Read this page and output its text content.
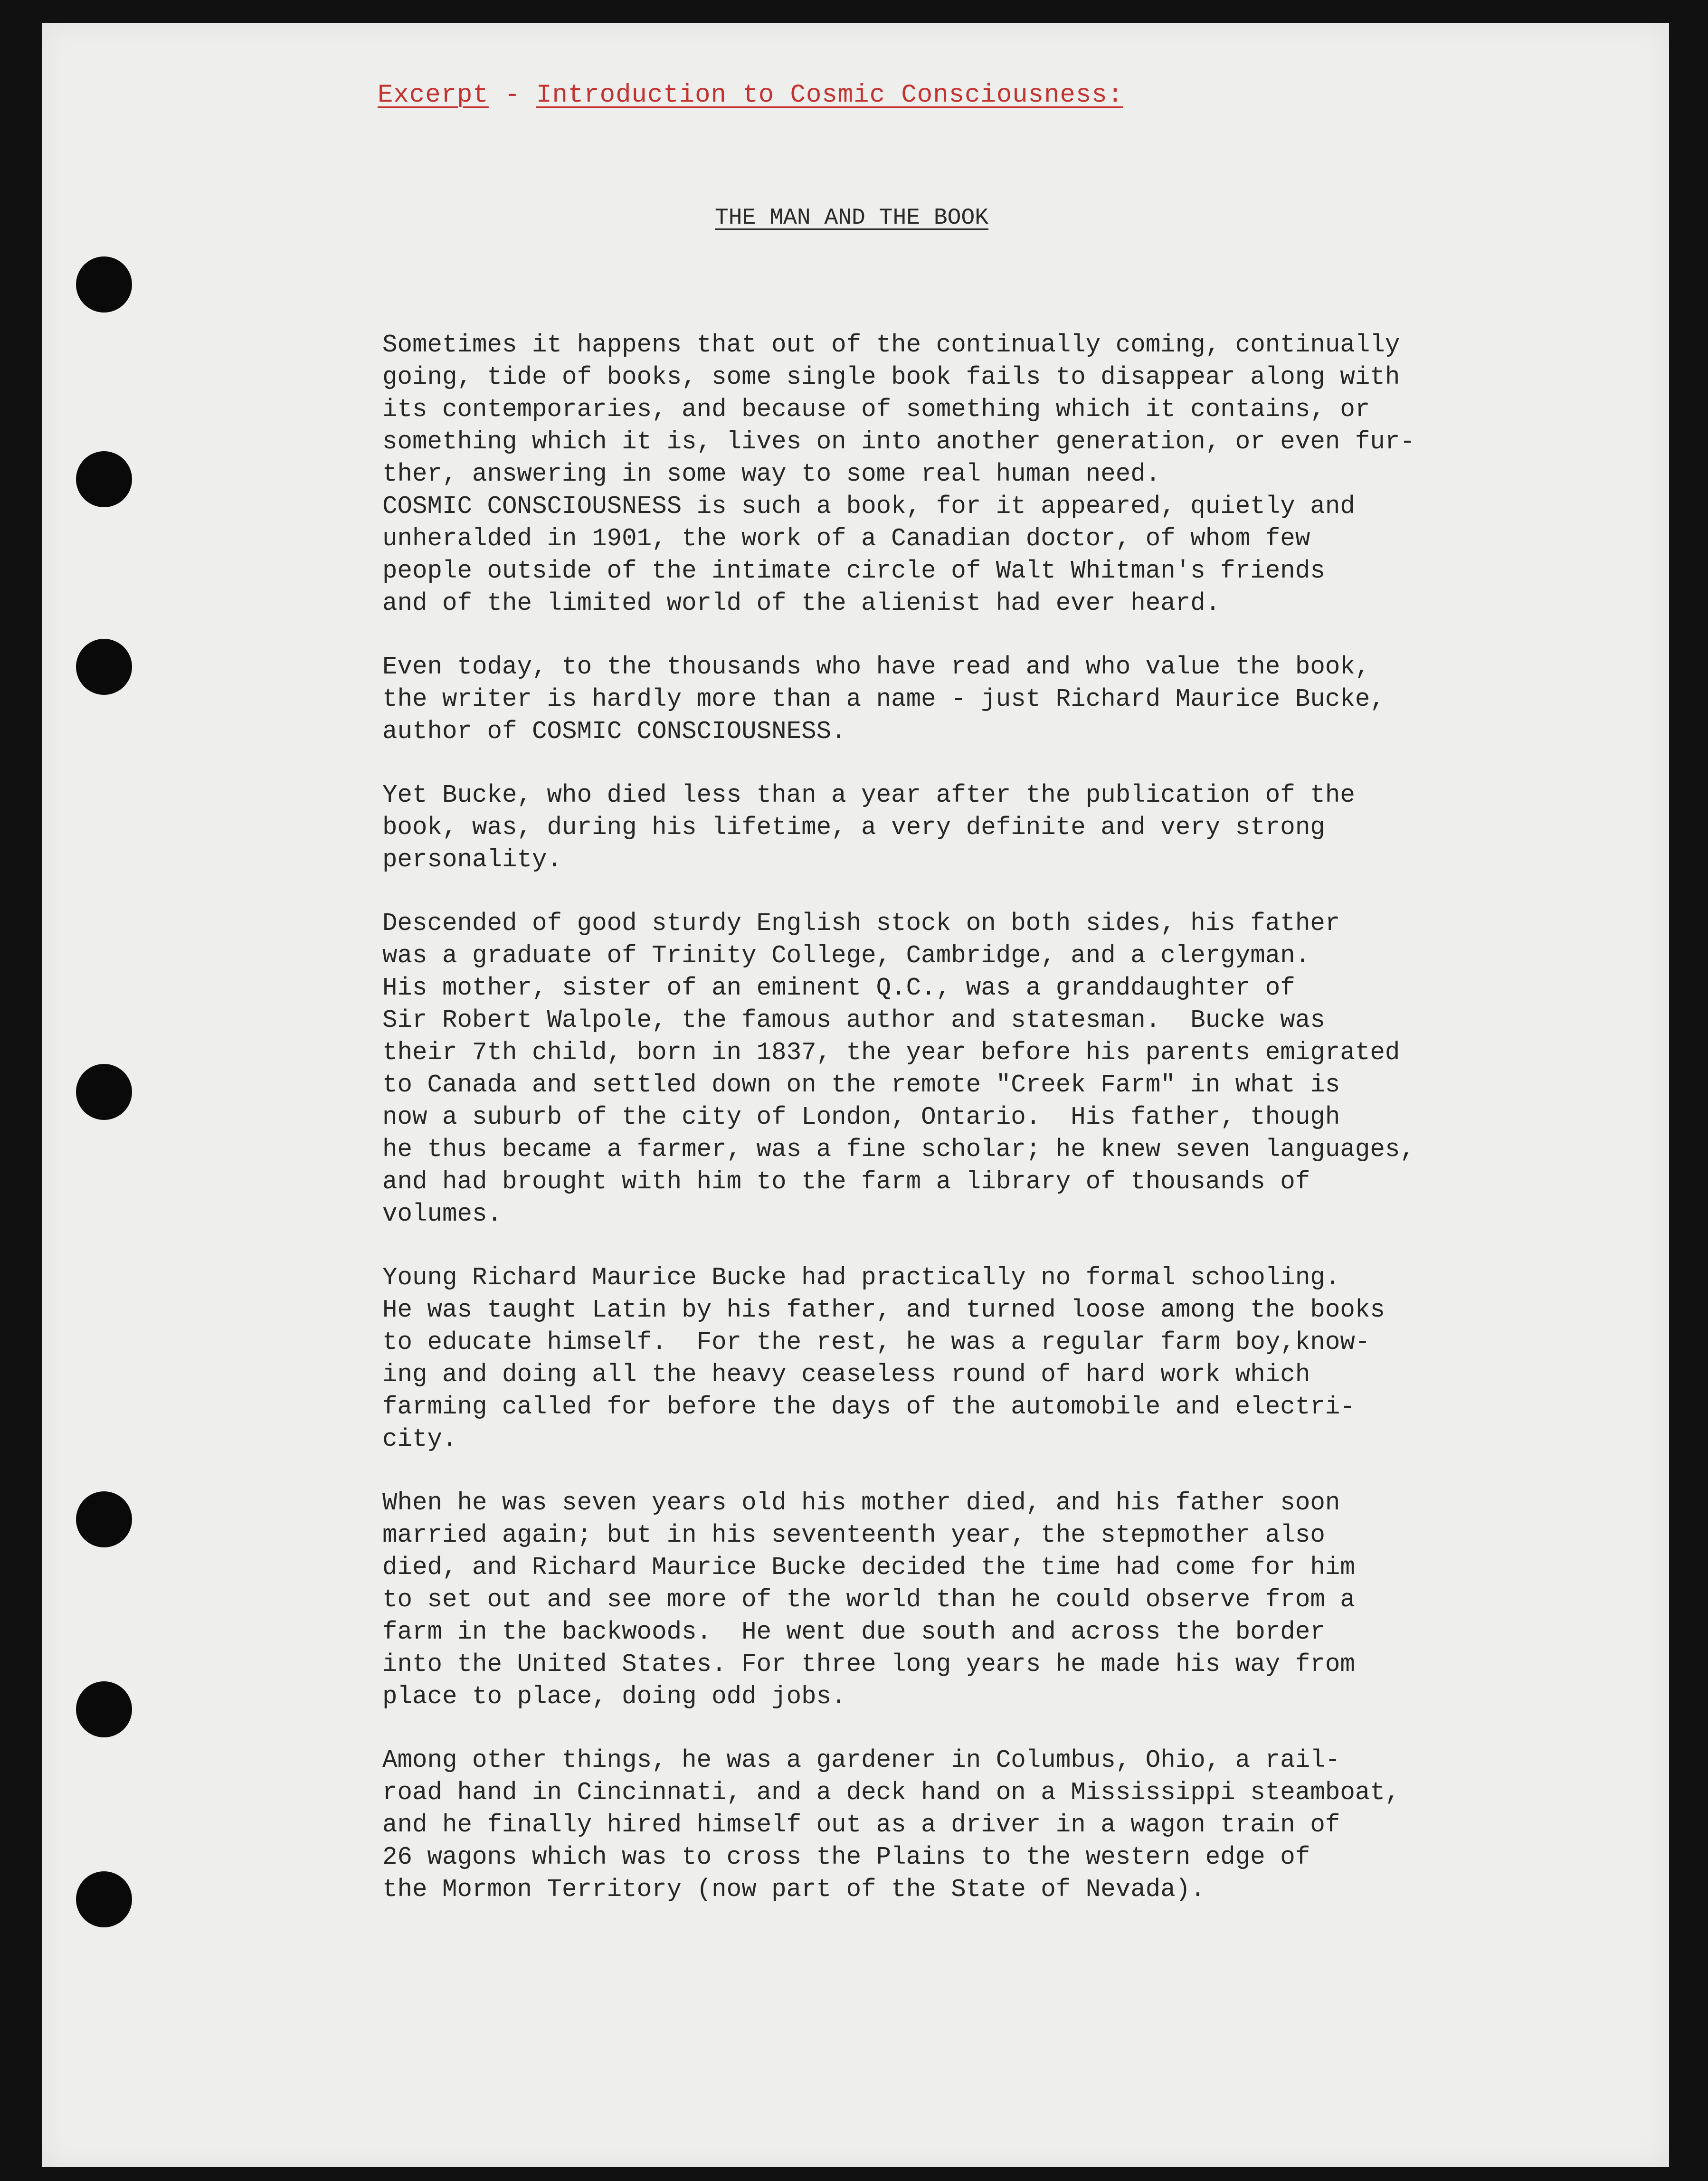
Excerpt - Introduction to Cosmic Consciousness:
THE MAN AND THE BOOK
Sometimes it happens that out of the continually coming, continually
going, tide of books, some single book fails to disappear along with
its contemporaries, and because of something which it contains, or
something which it is, lives on into another generation, or even fur-
ther, answering in some way to some real human need.
COSMIC CONSCIOUSNESS is such a book, for it appeared, quietly and
unheralded in 1901, the work of a Canadian doctor, of whom few
people outside of the intimate circle of Walt Whitman's friends
and of the limited world of the alienist had ever heard.
Even today, to the thousands who have read and who value the book,
the writer is hardly more than a name - just Richard Maurice Bucke,
author of COSMIC CONSCIOUSNESS.
Yet Bucke, who died less than a year after the publication of the
book, was, during his lifetime, a very definite and very strong
personality.
Descended of good sturdy English stock on both sides, his father
was a graduate of Trinity College, Cambridge, and a clergyman.
His mother, sister of an eminent Q.C., was a granddaughter of
Sir Robert Walpole, the famous author and statesman.  Bucke was
their 7th child, born in 1837, the year before his parents emigrated
to Canada and settled down on the remote "Creek Farm" in what is
now a suburb of the city of London, Ontario.  His father, though
he thus became a farmer, was a fine scholar; he knew seven languages,
and had brought with him to the farm a library of thousands of
volumes.
Young Richard Maurice Bucke had practically no formal schooling.
He was taught Latin by his father, and turned loose among the books
to educate himself.  For the rest, he was a regular farm boy,know-
ing and doing all the heavy ceaseless round of hard work which
farming called for before the days of the automobile and electri-
city.
When he was seven years old his mother died, and his father soon
married again; but in his seventeenth year, the stepmother also
died, and Richard Maurice Bucke decided the time had come for him
to set out and see more of the world than he could observe from a
farm in the backwoods.  He went due south and across the border
into the United States. For three long years he made his way from
place to place, doing odd jobs.
Among other things, he was a gardener in Columbus, Ohio, a rail-
road hand in Cincinnati, and a deck hand on a Mississippi steamboat,
and he finally hired himself out as a driver in a wagon train of
26 wagons which was to cross the Plains to the western edge of
the Mormon Territory (now part of the State of Nevada).
